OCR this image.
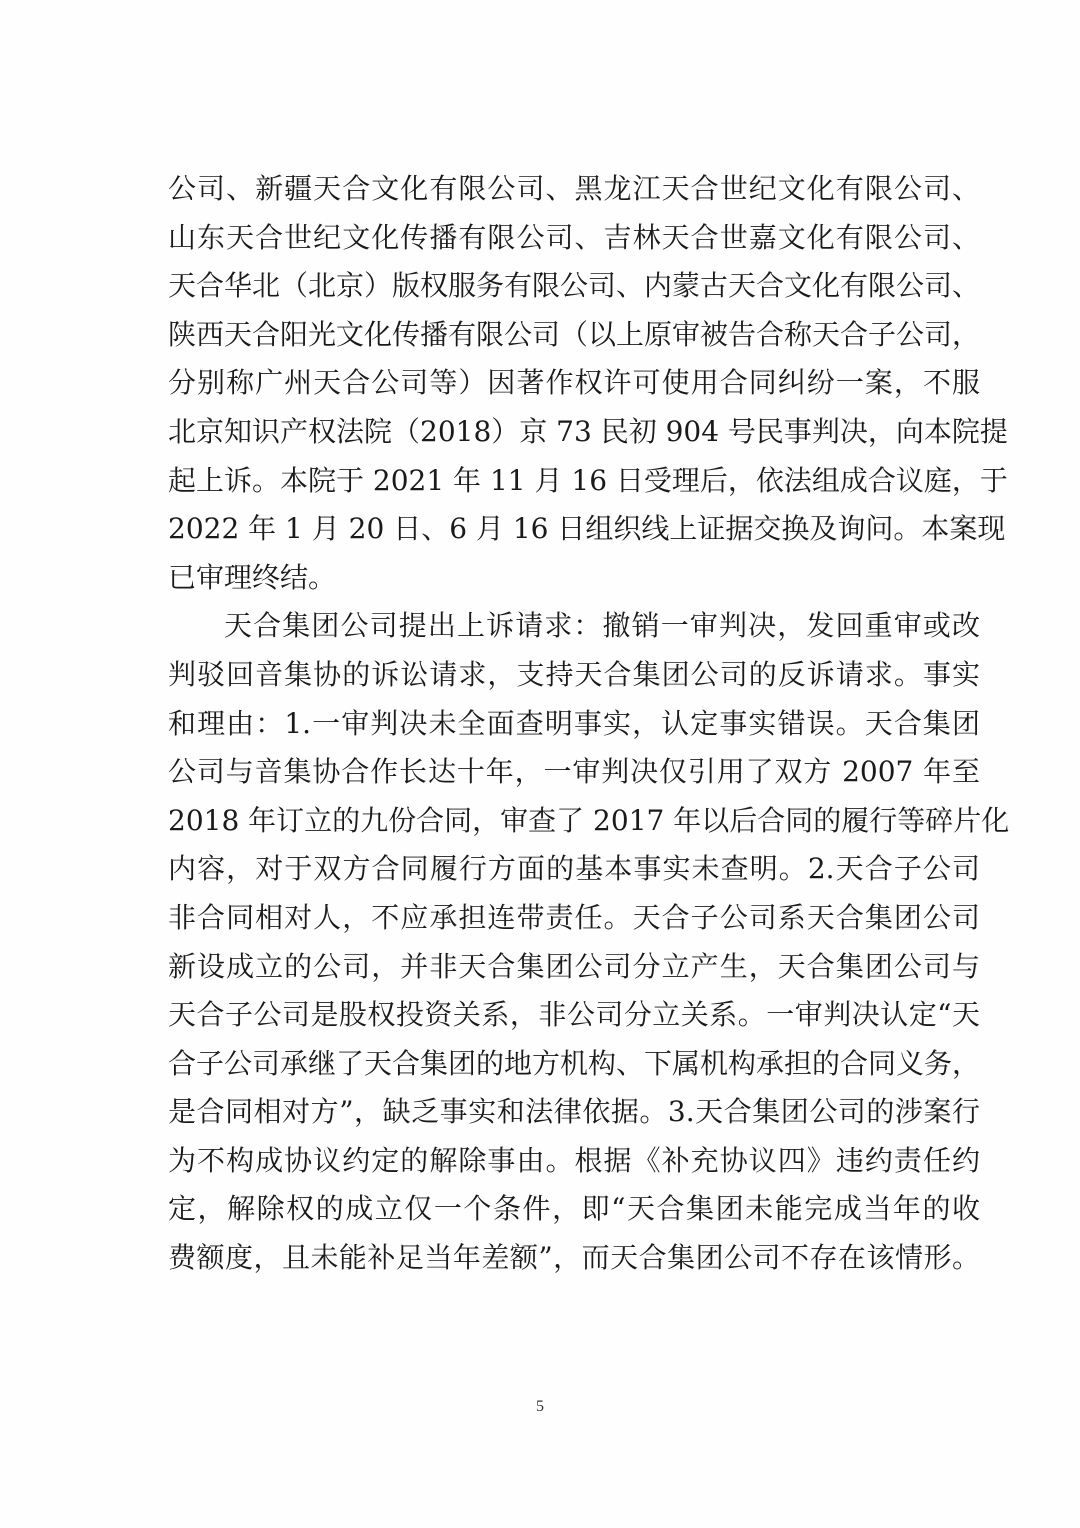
公司、新疆天合文化有限公司、黑龙江天合世纪文化有限公司、
山东天合世纪文化传播有限公司、吉林天合世嘉文化有限公司、
天合华北（北京）版权服务有限公司、内蒙古天合文化有限公司、
陕西天合阳光文化传播有限公司（以上原审被告合称天合子公司，
分别称广州天合公司等）因著作权许可使用合同纠纷一案，不服
北京知识产权法院（2018）京 73 民初 904 号民事判决，向本院提
起上诉。本院于 2021 年 11 月 16 日受理后，依法组成合议庭，于
2022 年 1 月 20 日、6 月 16 日组织线上证据交换及询问。本案现
已审理终结。
天合集团公司提出上诉请求：撤销一审判决，发回重审或改
判驳回音集协的诉讼请求，支持天合集团公司的反诉请求。事实
和理由：1.一审判决未全面查明事实，认定事实错误。天合集团
公司与音集协合作长达十年，一审判决仅引用了双方 2007 年至
2018 年订立的九份合同，审查了 2017 年以后合同的履行等碎片化
内容，对于双方合同履行方面的基本事实未查明。2.天合子公司
非合同相对人，不应承担连带责任。天合子公司系天合集团公司
新设成立的公司，并非天合集团公司分立产生，天合集团公司与
天合子公司是股权投资关系，非公司分立关系。一审判决认定“天
合子公司承继了天合集团的地方机构、下属机构承担的合同义务，
是合同相对方”，缺乏事实和法律依据。3.天合集团公司的涉案行
为不构成协议约定的解除事由。根据《补充协议四》违约责任约
定，解除权的成立仅一个条件，即“天合集团未能完成当年的收
费额度，且未能补足当年差额”，而天合集团公司不存在该情形。
5
